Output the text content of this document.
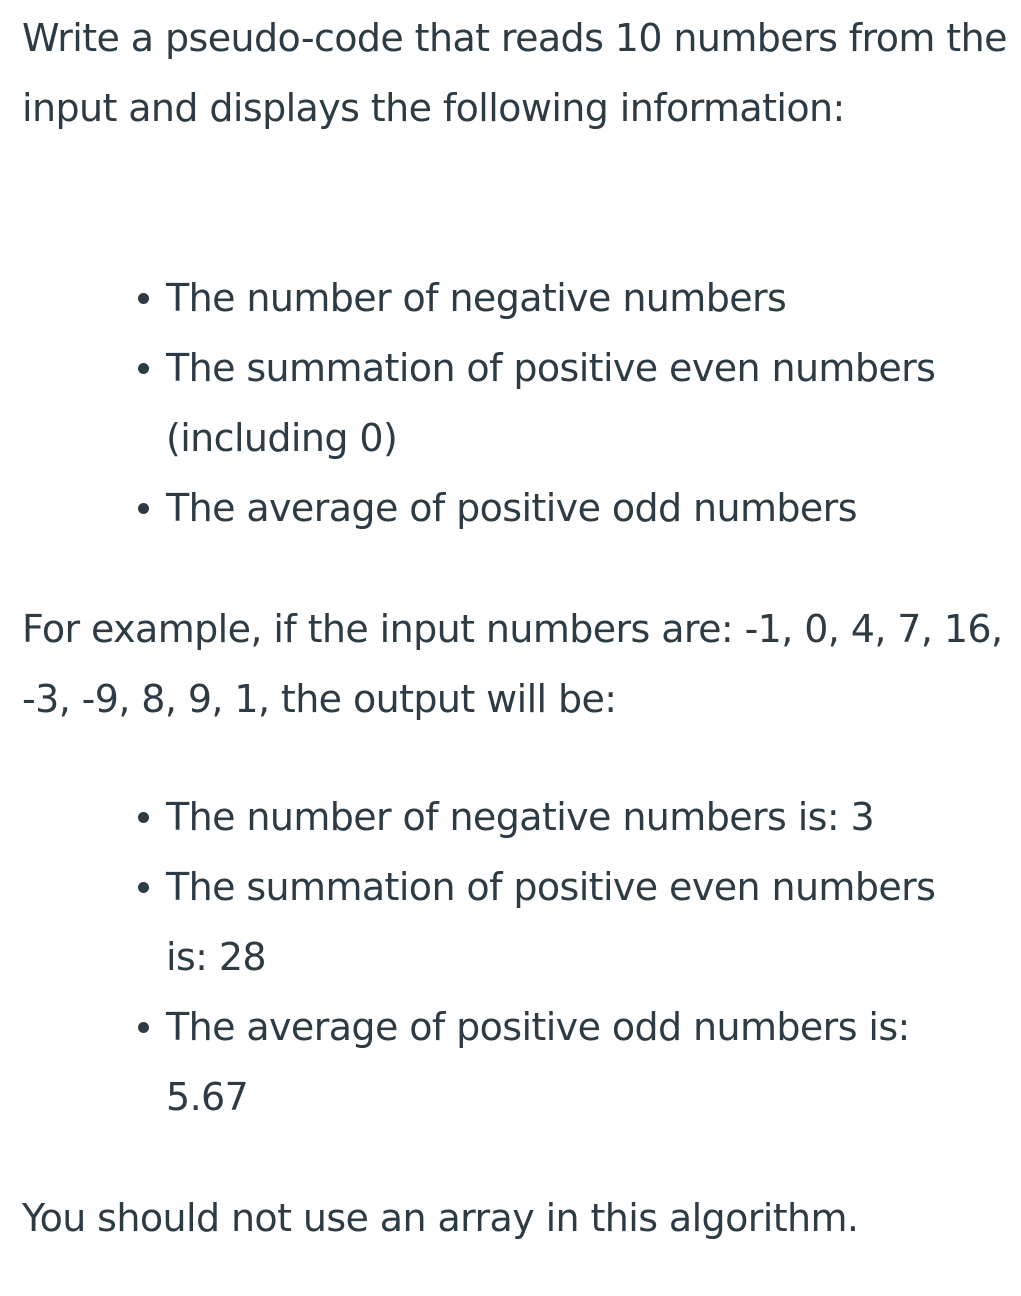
Write a pseudo-code that reads 10 numbers from the input and displays the following information:

The number of negative numbers
The summation of positive even numbers (including 0)
The average of positive odd numbers

For example, if the input numbers are: -1, 0, 4, 7, 16, -3, -9, 8, 9, 1, the output will be:

The number of negative numbers is: 3
The summation of positive even numbers is: 28
The average of positive odd numbers is: 5.67

You should not use an array in this algorithm.
